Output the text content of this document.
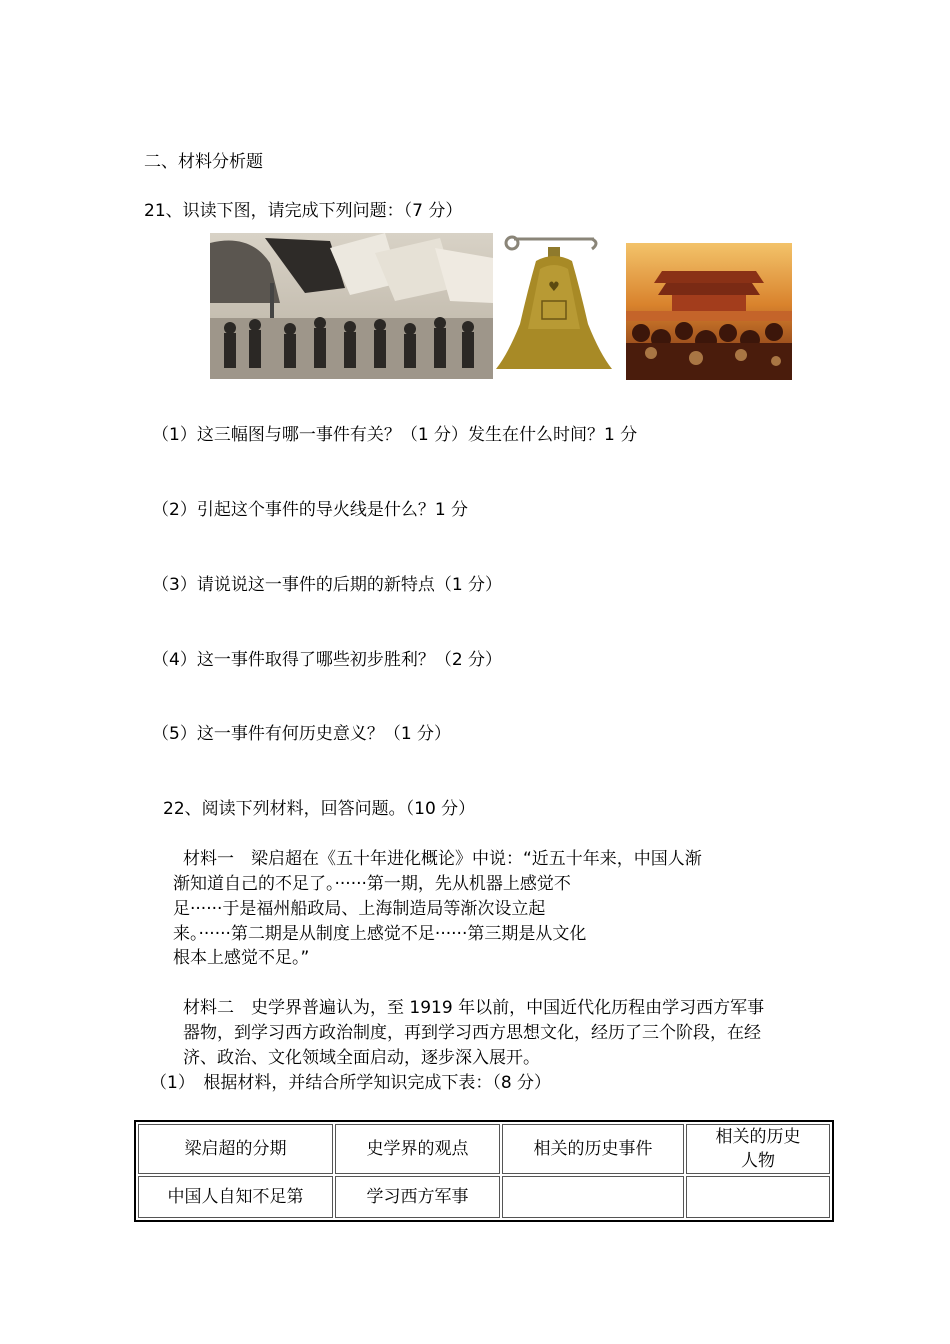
二、材料分析题
21、识读下图，请完成下列问题：（7 分）
♥
（1）这三幅图与哪一事件有关？（1 分）发生在什么时间？1 分
（2）引起这个事件的导火线是什么？1 分
（3）请说说这一事件的后期的新特点（1 分）
（4）这一事件取得了哪些初步胜利？（2 分）
（5）这一事件有何历史意义？（1 分）
22、阅读下列材料，回答问题。（10 分）
材料一　梁启超在《五十年进化概论》中说：“近五十年来，中国人渐
渐知道自己的不足了。······第一期，先从机器上感觉不
足······于是福州船政局、上海制造局等渐次设立起
来。······第二期是从制度上感觉不足······第三期是从文化
根本上感觉不足。”
材料二　史学界普遍认为，至 1919 年以前，中国近代化历程由学习西方军事
器物，到学习西方政治制度，再到学习西方思想文化，经历了三个阶段，在经
济、政治、文化领域全面启动，逐步深入展开。
（1）　根据材料，并结合所学知识完成下表：（8 分）
梁启超的分期	史学界的观点	相关的历史事件	相关的历史
人物

中国人自知不足第	学习西方军事		
